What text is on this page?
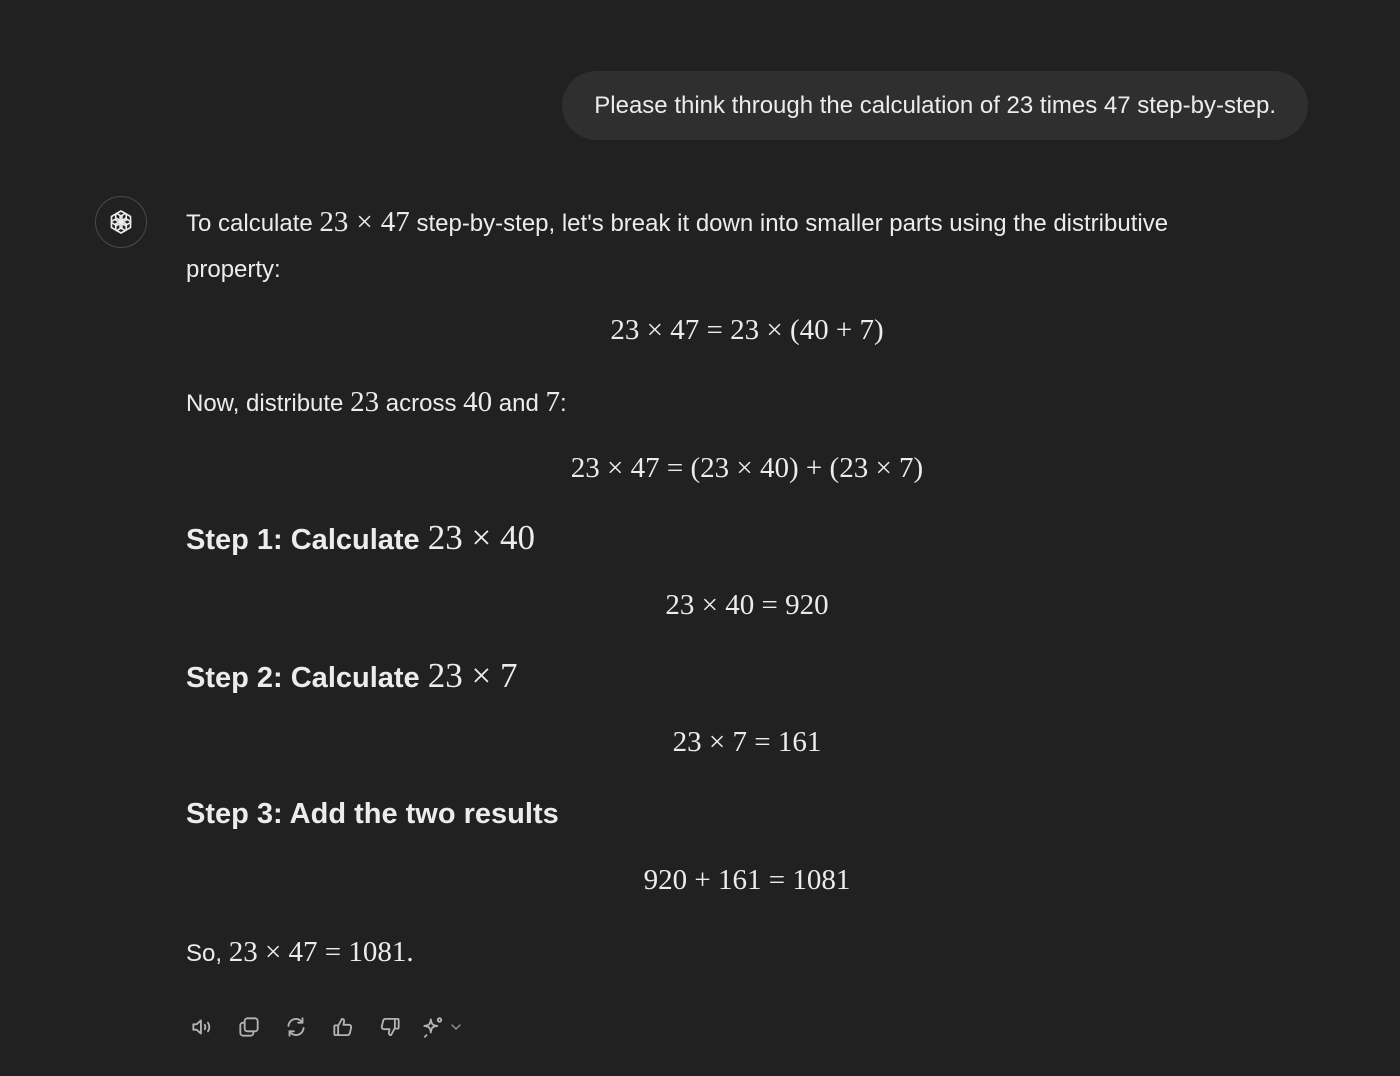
Please think through the calculation of 23 times 47 step-by-step.
To calculate 23 × 47 step-by-step, let's break it down into smaller parts using the distributive
property:
23 × 47 = 23 × (40 + 7)
Now, distribute 23 across 40 and 7:
23 × 47 = (23 × 40) + (23 × 7)
Step 1: Calculate 23 × 40
23 × 40 = 920
Step 2: Calculate 23 × 7
23 × 7 = 161
Step 3: Add the two results
920 + 161 = 1081
So, 23 × 47 = 1081.
